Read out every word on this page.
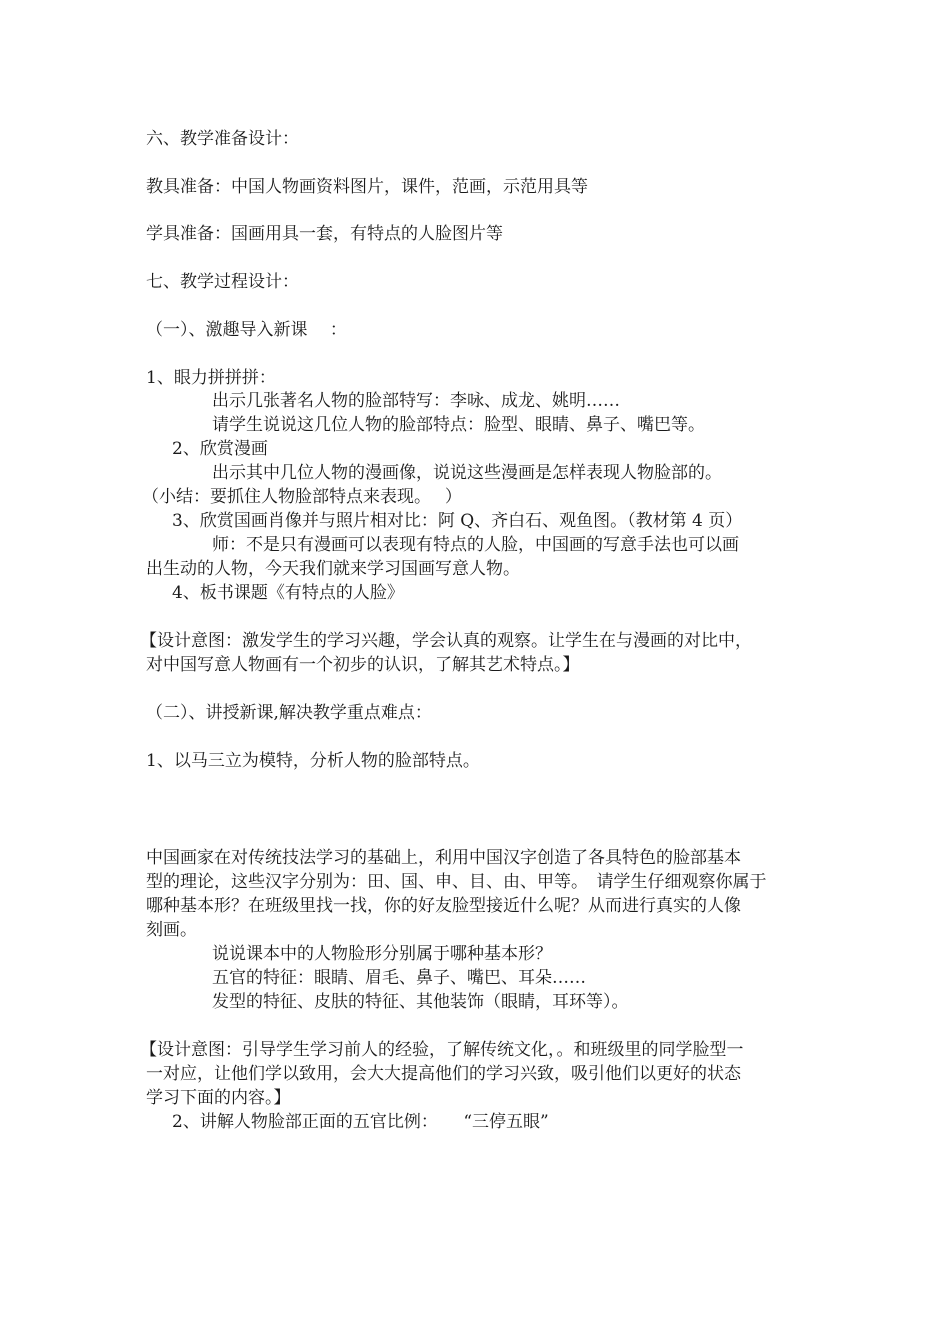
六、教学准备设计：
教具准备：中国人物画资料图片，课件，范画，示范用具等
学具准备：国画用具一套，有特点的人脸图片等
七、教学过程设计：
（一）、激趣导入新课　 ：
1、眼力拼拼拼：
出示几张著名人物的脸部特写：李咏、成龙、姚明……
请学生说说这几位人物的脸部特点：脸型、眼睛、鼻子、嘴巴等。
2、欣赏漫画
出示其中几位人物的漫画像，说说这些漫画是怎样表现人物脸部的。
（小结：要抓住人物脸部特点来表现。　 ）
3、欣赏国画肖像并与照片相对比：阿 Q、齐白石、观鱼图。（教材第 4 页）
师：不是只有漫画可以表现有特点的人脸，中国画的写意手法也可以画
出生动的人物，今天我们就来学习国画写意人物。
4、板书课题《有特点的人脸》
【设计意图：激发学生的学习兴趣，学会认真的观察。让学生在与漫画的对比中，
对中国写意人物画有一个初步的认识，了解其艺术特点。】
（二）、讲授新课,解决教学重点难点：
1、以马三立为模特，分析人物的脸部特点。
中国画家在对传统技法学习的基础上，利用中国汉字创造了各具特色的脸部基本
型的理论，这些汉字分别为：田、国、申、目、由、甲等。　请学生仔细观察你属于
哪种基本形？在班级里找一找，你的好友脸型接近什么呢？从而进行真实的人像
刻画。
说说课本中的人物脸形分别属于哪种基本形？
五官的特征：眼睛、眉毛、鼻子、嘴巴、耳朵……
发型的特征、皮肤的特征、其他装饰（眼睛，耳环等）。
【设计意图：引导学生学习前人的经验，了解传统文化，。和班级里的同学脸型一
一对应，让他们学以致用，会大大提高他们的学习兴致，吸引他们以更好的状态
学习下面的内容。】
2、讲解人物脸部正面的五官比例：　　“三停五眼”
